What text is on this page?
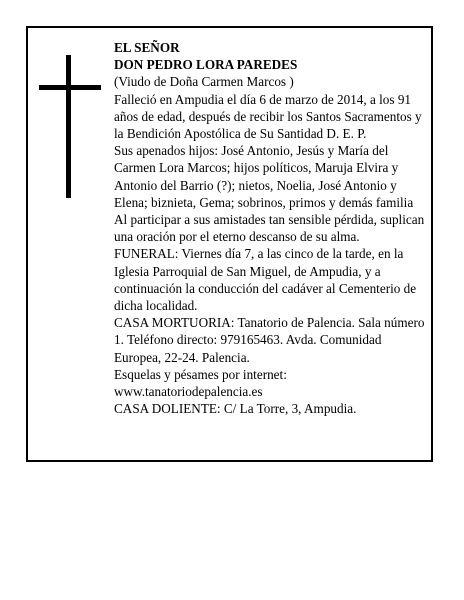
EL SEÑOR

DON PEDRO LORA PAREDES

(Viudo de Doña Carmen Marcos )

Falleció en Ampudia el día 6 de marzo de 2014, a los 91 años de edad, después de recibir los Santos Sacramentos y la Bendición Apostólica de Su Santidad D. E. P.

Sus apenados hijos: José Antonio, Jesús y María del Carmen Lora Marcos; hijos políticos, Maruja Elvira y Antonio del Barrio (?); nietos, Noelia, José Antonio y Elena; biznieta, Gema; sobrinos, primos y demás familia

Al participar a sus amistades tan sensible pérdida, suplican una oración por el eterno descanso de su alma.

FUNERAL: Viernes día 7, a las cinco de la tarde, en la Iglesia Parroquial de San Miguel, de Ampudia, y a continuación la conducción del cadáver al Cementerio de dicha localidad.

CASA MORTUORIA: Tanatorio de Palencia. Sala número 1. Teléfono directo: 979165463. Avda. Comunidad Europea, 22-24. Palencia.

Esquelas y pésames por internet:

www.tanatoriodepalencia.es

CASA DOLIENTE: C/ La Torre, 3, Ampudia.
